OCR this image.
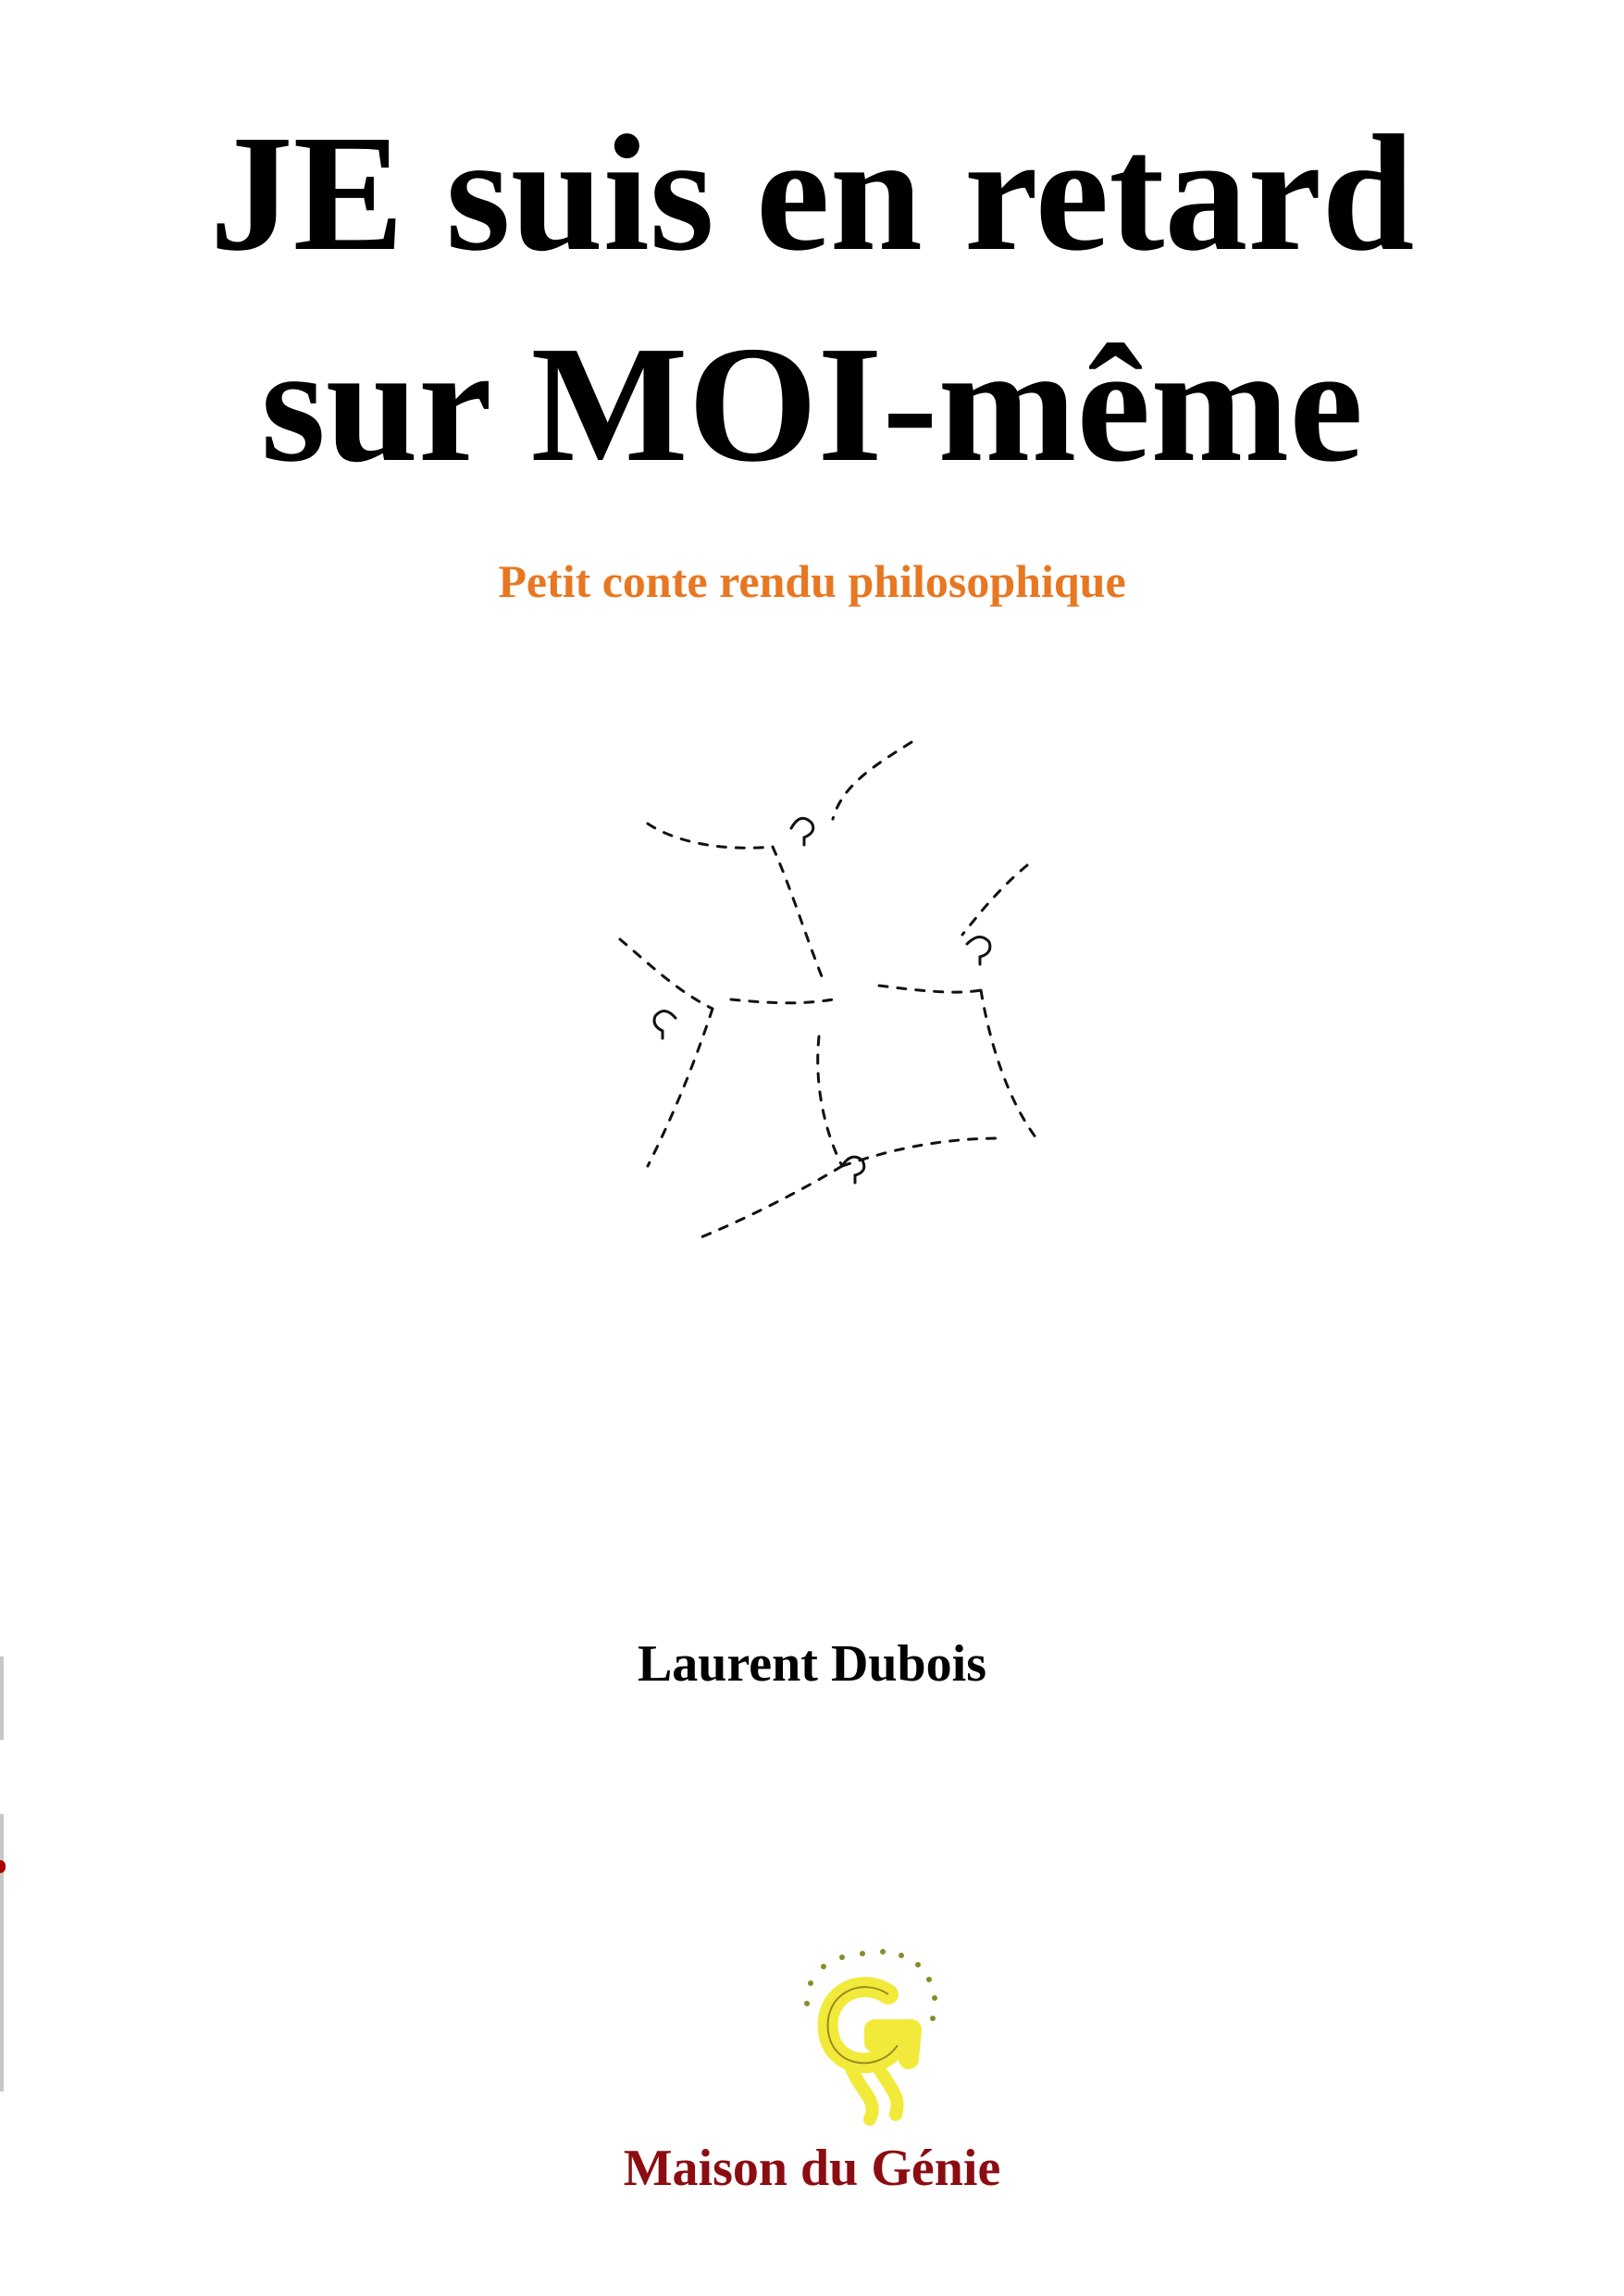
JE suis en retard
sur MOI-même
Petit conte rendu philosophique
Laurent Dubois
Maison du Génie
